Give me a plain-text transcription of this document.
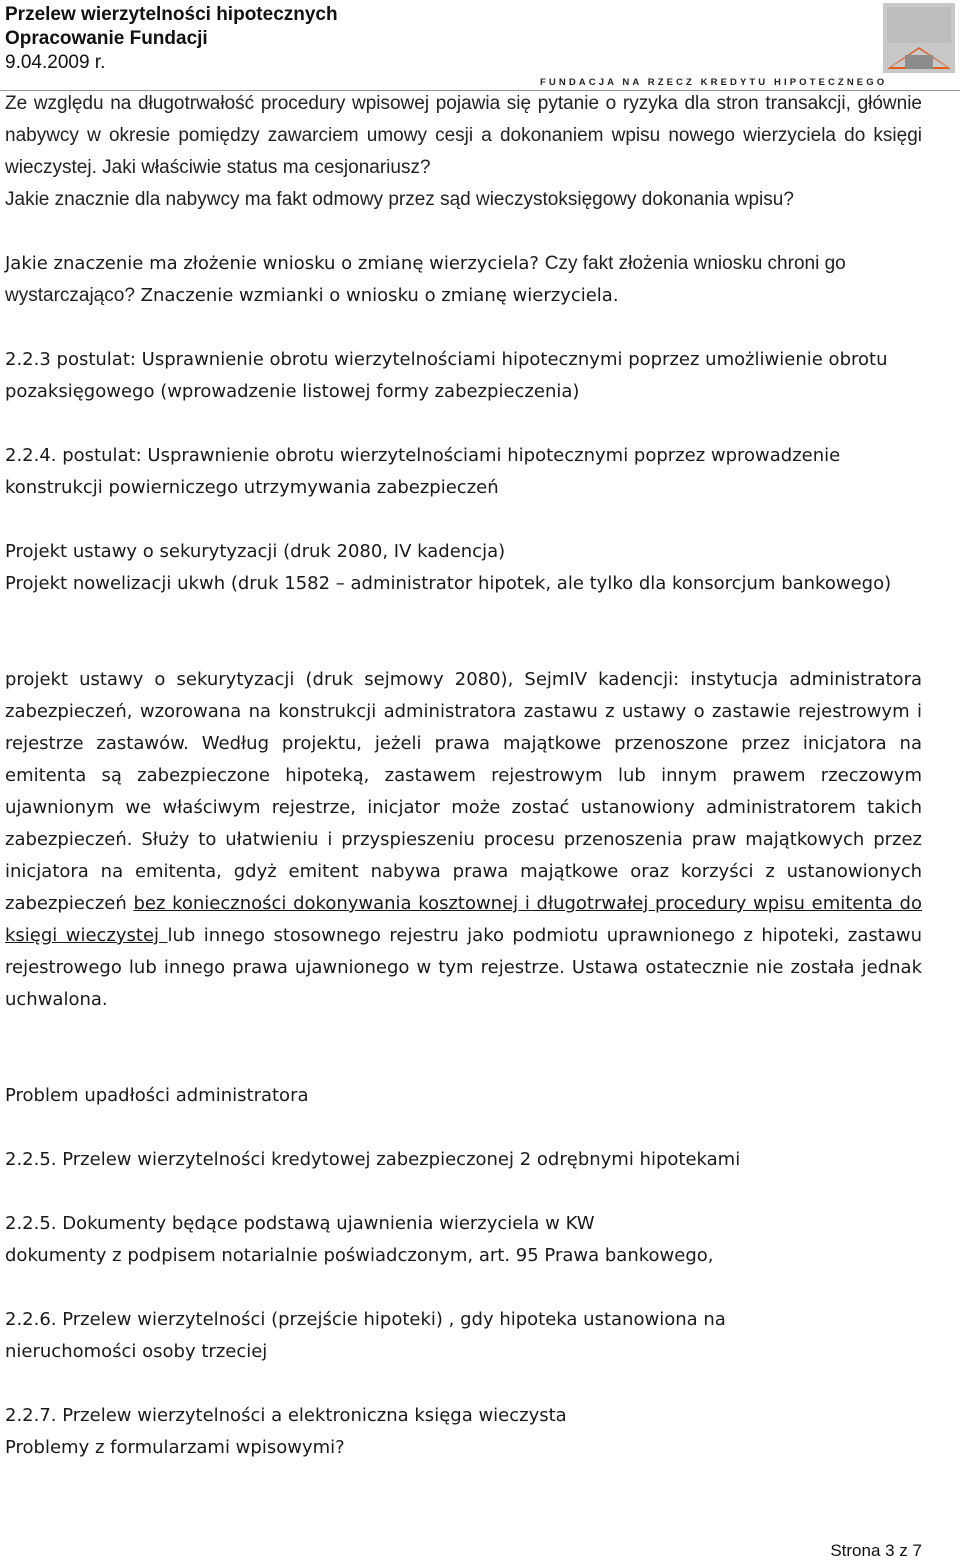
Przelew wierzytelności hipotecznych
Opracowanie Fundacji
9.04.2009 r.
FUNDACJA NA RZECZ KREDYTU HIPOTECZNEGO

Ze względu na długotrwałość procedury wpisowej pojawia się pytanie o ryzyka dla stron transakcji, głównie nabywcy w okresie pomiędzy zawarciem umowy cesji a dokonaniem wpisu nowego wierzyciela do księgi wieczystej. Jaki właściwie status ma cesjonariusz?

Jakie znacznie dla nabywcy ma fakt odmowy przez sąd wieczystoksięgowy dokonania wpisu?

Jakie znaczenie ma złożenie wniosku o zmianę wierzyciela? Czy fakt złożenia wniosku chroni go wystarczająco? Znaczenie wzmianki o wniosku o zmianę wierzyciela.

2.2.3 postulat: Usprawnienie obrotu wierzytelnościami hipotecznymi poprzez umożliwienie obrotu pozaksięgowego (wprowadzenie listowej formy zabezpieczenia)

2.2.4. postulat: Usprawnienie obrotu wierzytelnościami hipotecznymi poprzez wprowadzenie konstrukcji powierniczego utrzymywania zabezpieczeń

Projekt ustawy o sekurytyzacji (druk 2080, IV kadencja)

Projekt nowelizacji ukwh (druk 1582 – administrator hipotek, ale tylko dla konsorcjum bankowego)

projekt ustawy o sekurytyzacji (druk sejmowy 2080), SejmIV kadencji: instytucja administratora zabezpieczeń, wzorowana na konstrukcji administratora zastawu z ustawy o zastawie rejestrowym i rejestrze zastawów. Według projektu, jeżeli prawa majątkowe przenoszone przez inicjatora na emitenta są zabezpieczone hipoteką, zastawem rejestrowym lub innym prawem rzeczowym ujawnionym we właściwym rejestrze, inicjator może zostać ustanowiony administratorem takich zabezpieczeń. Służy to ułatwieniu i przyspieszeniu procesu przenoszenia praw majątkowych przez inicjatora na emitenta, gdyż emitent nabywa prawa majątkowe oraz korzyści z ustanowionych zabezpieczeń bez konieczności dokonywania kosztownej i długotrwałej procedury wpisu emitenta do księgi wieczystej lub innego stosownego rejestru jako podmiotu uprawnionego z hipoteki, zastawu rejestrowego lub innego prawa ujawnionego w tym rejestrze. Ustawa ostatecznie nie została jednak uchwalona.

Problem upadłości administratora

2.2.5. Przelew wierzytelności kredytowej zabezpieczonej 2 odrębnymi hipotekami

2.2.5. Dokumenty będące podstawą ujawnienia wierzyciela w KW

dokumenty z podpisem notarialnie poświadczonym, art. 95 Prawa bankowego,

2.2.6. Przelew wierzytelności (przejście hipoteki) , gdy hipoteka ustanowiona na nieruchomości osoby trzeciej

2.2.7. Przelew wierzytelności a elektroniczna księga wieczysta

Problemy z formularzami wpisowymi?

Strona 3 z 7
